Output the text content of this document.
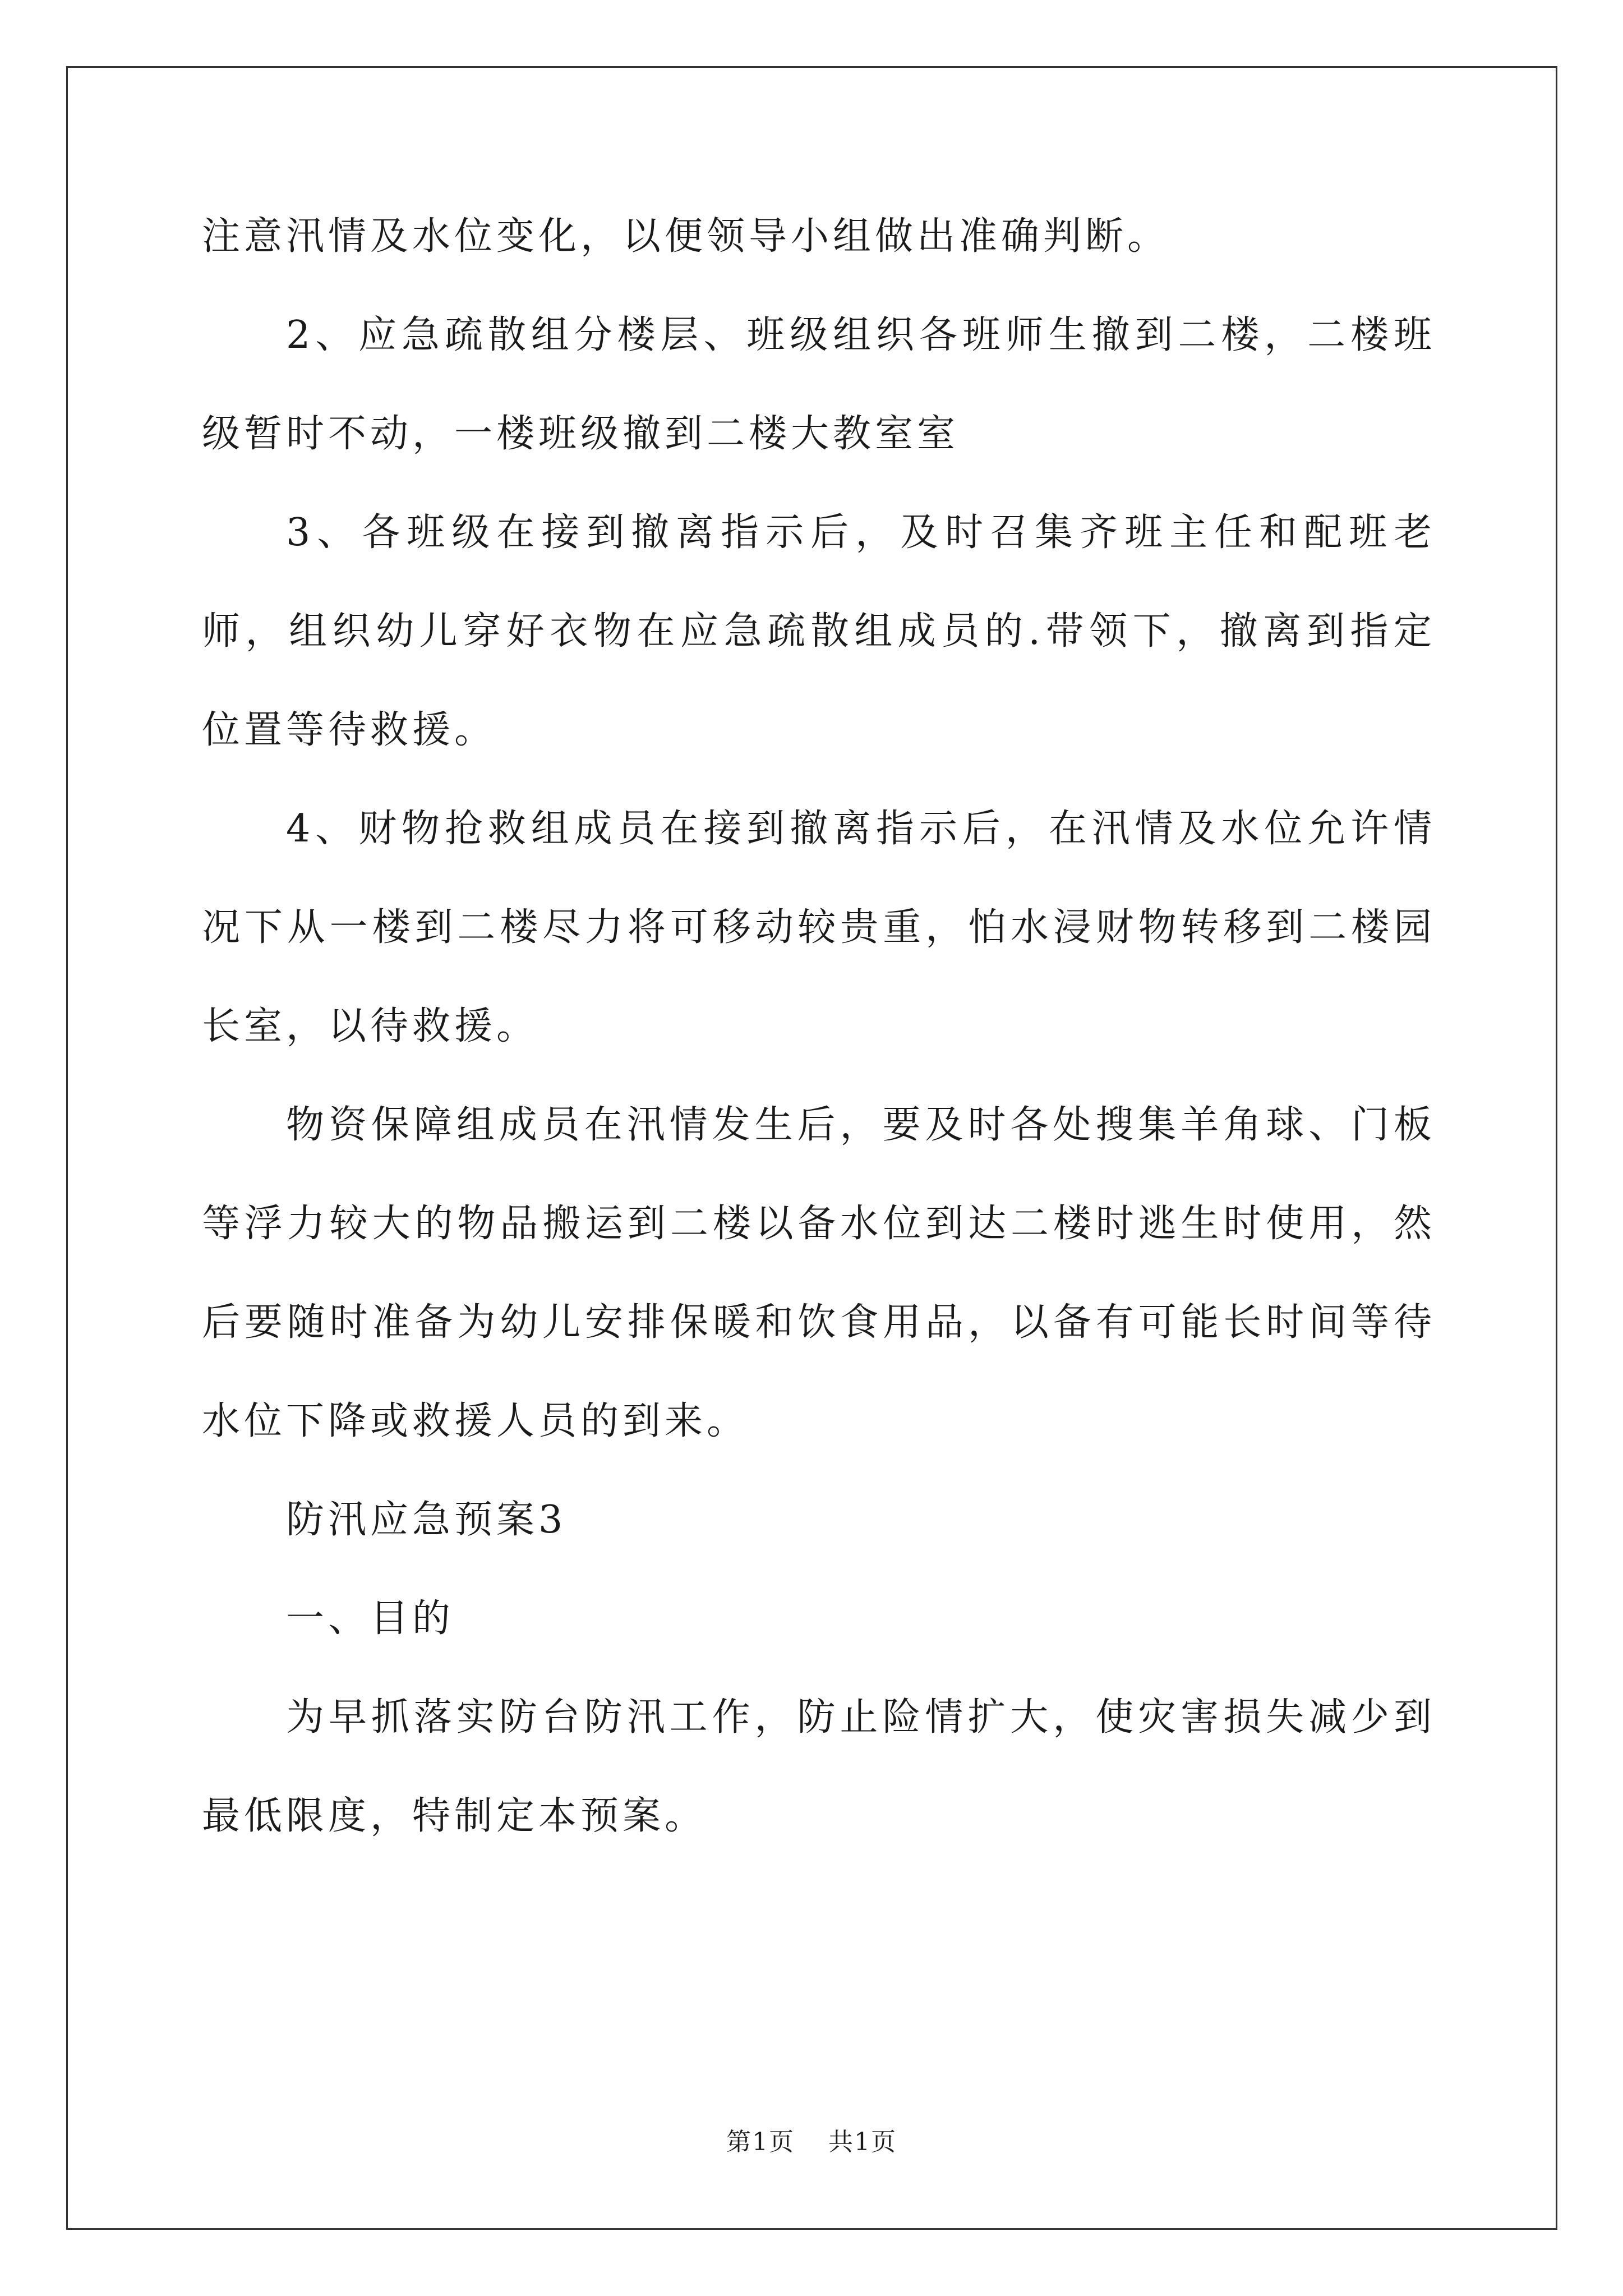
注意汛情及水位变化，以便领导小组做出准确判断。

2、应急疏散组分楼层、班级组织各班师生撤到二楼，二楼班级暂时不动，一楼班级撤到二楼大教室室

3、各班级在接到撤离指示后，及时召集齐班主任和配班老师，组织幼儿穿好衣物在应急疏散组成员的.带领下，撤离到指定位置等待救援。

4、财物抢救组成员在接到撤离指示后，在汛情及水位允许情况下从一楼到二楼尽力将可移动较贵重，怕水浸财物转移到二楼园长室，以待救援。

物资保障组成员在汛情发生后，要及时各处搜集羊角球、门板等浮力较大的物品搬运到二楼以备水位到达二楼时逃生时使用，然后要随时准备为幼儿安排保暖和饮食用品，以备有可能长时间等待水位下降或救援人员的到来。

防汛应急预案3

一、目的

为早抓落实防台防汛工作，防止险情扩大，使灾害损失减少到最低限度，特制定本预案。

第1页 共1页
